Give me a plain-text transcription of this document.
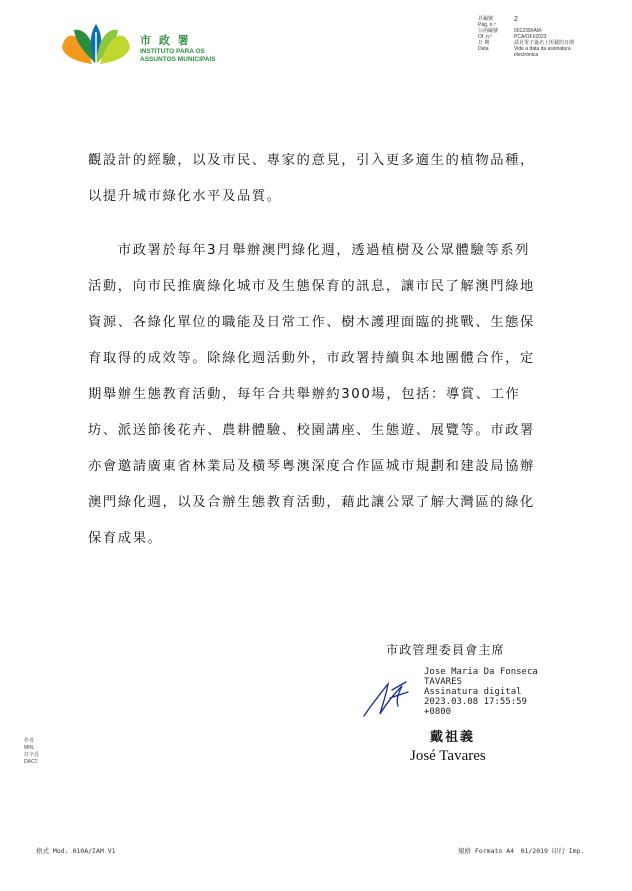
市 政 署
INSTITUTO PARA OS
ASSUNTOS MUNICIPAIS
頁編號	2
Pág. n.º
公函編號	001239/IAM-
Of. n.º	PCA/OFI/2023
日 期	請見電子簽名上所載的日期
Data	Vide a data da assinatura
electrónica
觀設計的經驗，以及市民、專家的意見，引入更多適生的植物品種，
以提升城市綠化水平及品質。
　　市政署於每年3月舉辦澳門綠化週，透過植樹及公眾體驗等系列
活動，向市民推廣綠化城市及生態保育的訊息，讓市民了解澳門綠地
資源、各綠化單位的職能及日常工作、樹木護理面臨的挑戰、生態保
育取得的成效等。除綠化週活動外，市政署持續與本地團體合作，定
期舉辦生態教育活動，每年合共舉辦約300場，包括：導賞、工作
坊、派送節後花卉、農耕體驗、校園講座、生態遊、展覽等。市政署
亦會邀請廣東省林業局及橫琴粵澳深度合作區城市規劃和建設局協辦
澳門綠化週，以及合辦生態教育活動，藉此讓公眾了解大灣區的綠化
保育成果。
市政管理委員會主席
Jose Maria Da Fonseca
TAVARES
Assinatura digital
2023.03.08 17:55:59
+0800
戴祖義
José Tavares
作者
MIN.
打字員
DACT.
格式 Mod. 010A/IAM V1	規格 Formato A4　01/2019 印行 Imp.
